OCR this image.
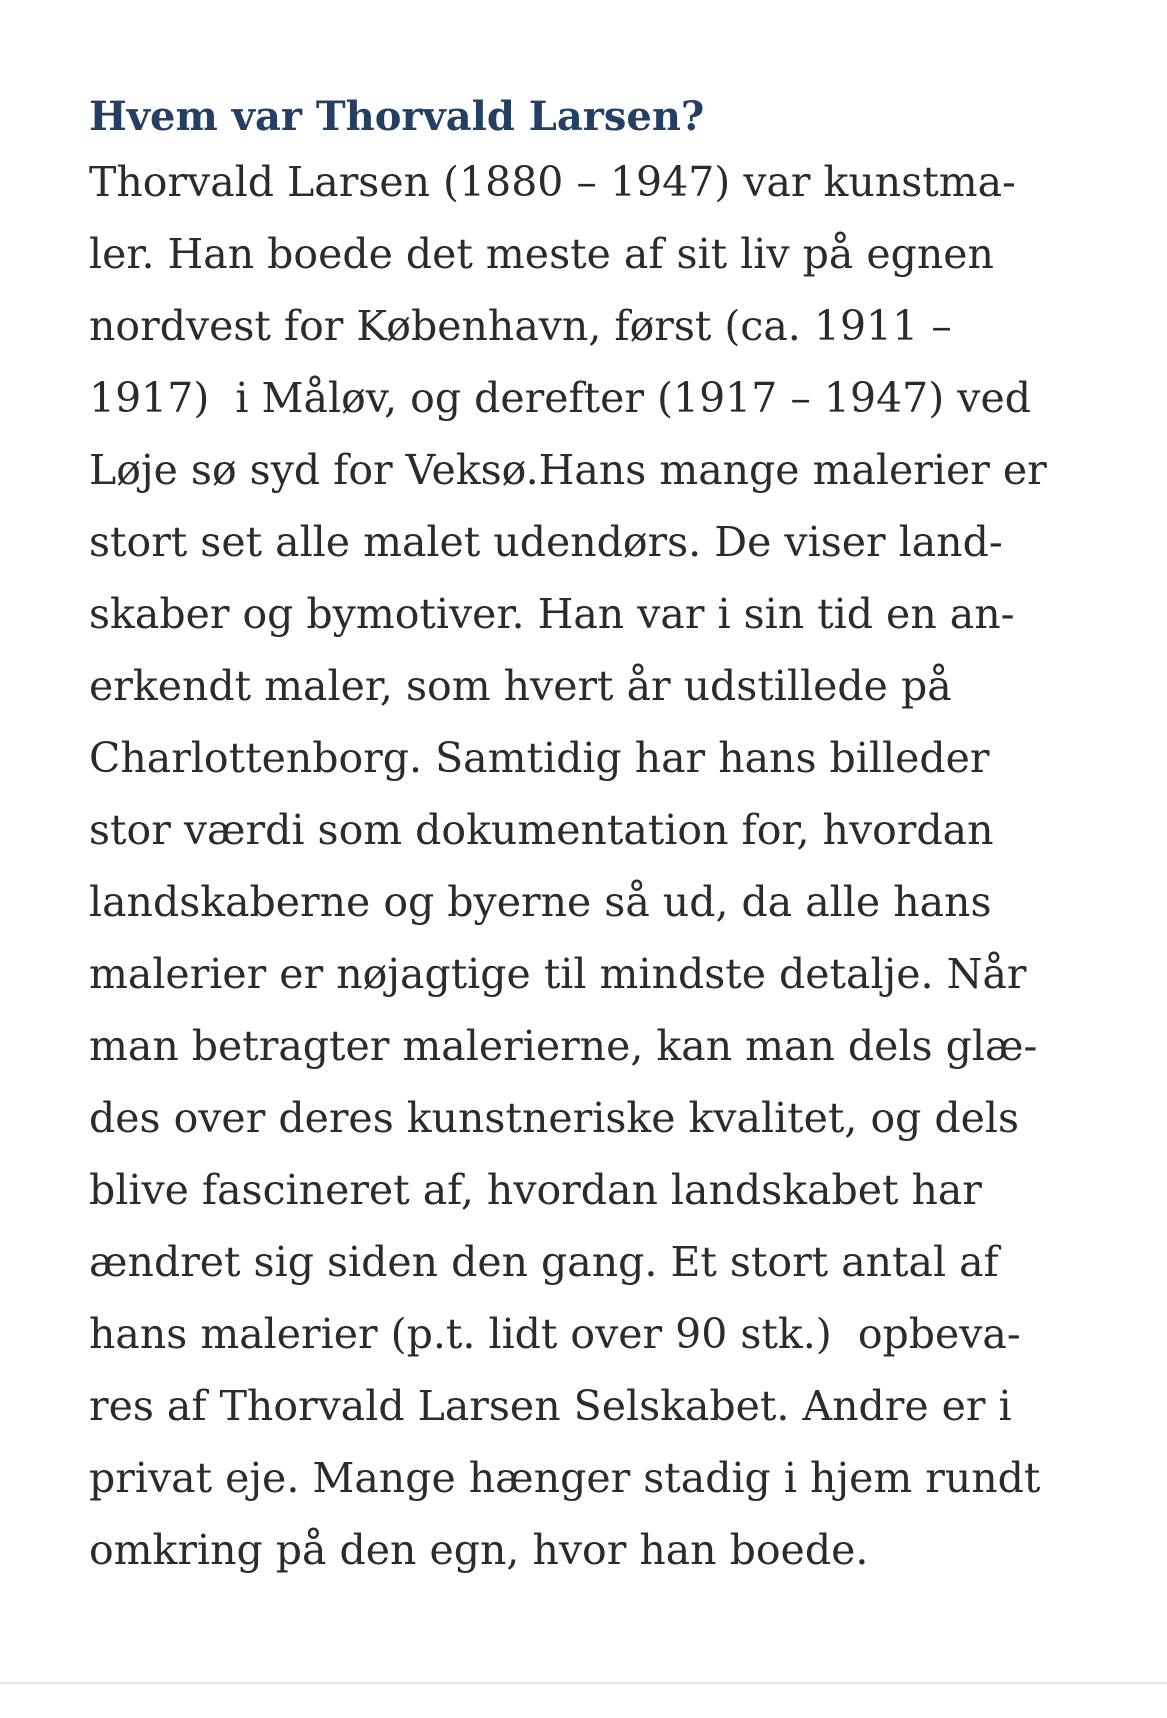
Hvem var Thorvald Larsen?

Thorvald Larsen (1880 – 1947) var kunstma-
ler. Han boede det meste af sit liv på egnen
nordvest for København, først (ca. 1911 –
1917)  i Måløv, og derefter (1917 – 1947) ved
Løje sø syd for Veksø.Hans mange malerier er
stort set alle malet udendørs. De viser land-
skaber og bymotiver. Han var i sin tid en an-
erkendt maler, som hvert år udstillede på
Charlottenborg. Samtidig har hans billeder
stor værdi som dokumentation for, hvordan
landskaberne og byerne så ud, da alle hans
malerier er nøjagtige til mindste detalje. Når
man betragter malerierne, kan man dels glæ-
des over deres kunstneriske kvalitet, og dels
blive fascineret af, hvordan landskabet har
ændret sig siden den gang. Et stort antal af
hans malerier (p.t. lidt over 90 stk.)  opbeva-
res af Thorvald Larsen Selskabet. Andre er i
privat eje. Mange hænger stadig i hjem rundt
omkring på den egn, hvor han boede.
